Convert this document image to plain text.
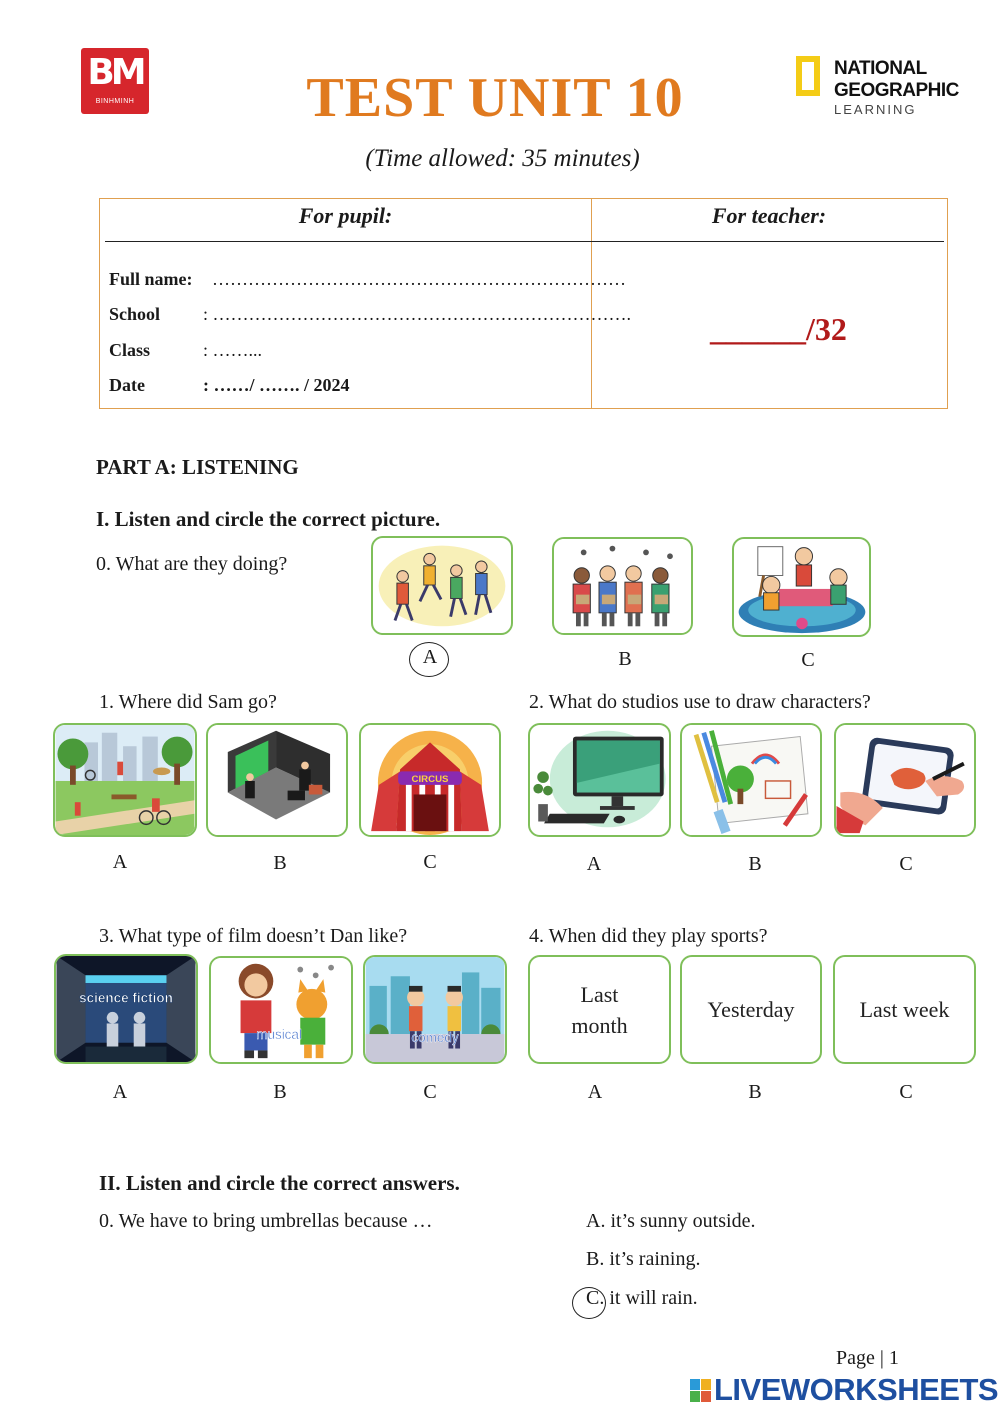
BM
BINHMINH	TEST UNIT 10	NATIONAL
GEOGRAPHIC
LEARNING
(Time allowed: 35 minutes)
For pupil:	For teacher:
Full name: ……………………………………………………………
School : …………………………………………………………….
Class	: ……...
Date	: ……/ ……. / 2024
______/32
PART A: LISTENING
I. Listen and circle the correct picture.
0. What are they doing?
A	B	C
1. Where did Sam go?
CIRCUS
A	B	C
2. What do studios use to draw characters?
A	B	C
3. What type of film doesn’t Dan like?
science fiction
musical	comedy
A	B	C
4. When did they play sports?
Last month
Yesterday	Last week
A	B	C
II. Listen and circle the correct answers.
0. We have to bring umbrellas because …	A. it’s sunny outside.
B. it’s raining.
C. it will rain.
Page | 1
LIVEWORKSHEETS
